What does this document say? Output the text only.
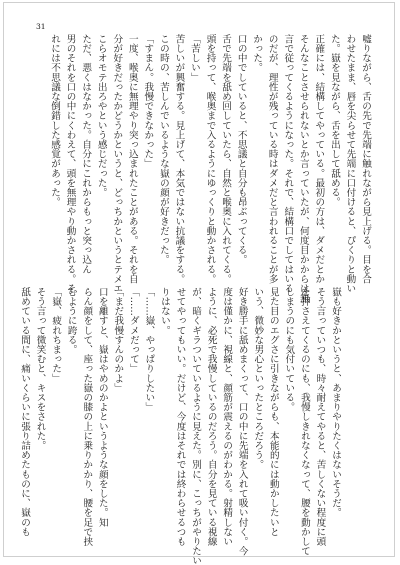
31
嘘りながら、舌の先で先端に触れながら見上げる。目を合
わせたまま、唇を尖らせて先端に口付けると、ぴくりと動い
た。嶽を見ながら、舌を出して舐める。
正確には、結構してやっている。最初の方は、ダメだとか
そんなことさせられないとか言っていたが、何度目かからは無
言で従ってくるようになった。それで、結構口でしてはいる
のだが、理性が残っている時はダメだと言われることが多
かった。
口の中でしていると、不思議と自分も昂ぶってくる。
舌で先端を舐め回していたら、自然と喉奥に入れてくる。
頭を持って、喉奥まで入るようにゆっくりと動かされる。
「苦しい」
苦しいが興奮する。見上げて、本気ではない抗議をする。
この時の、苦しんでいるような嶽の顔が好きだった。
「すまん。我慢できなかった」
一度、喉奥に無理やり突っ込まれたことがある。それを自
分が好きだったかどうかというと、どっちかというとテメエ
こらオモテ出ろやという感じだった。
ただ、悪くはなかった。自分にこれからもっと突っ込ん
男のそれを口の中にくわえて、頭を無理やり動かされる。そ
れには不思議な倒錯した感覚があった。
嶽も好きかというと、あまりやりたくはないそうだ。
そう言っていつも、時々耐えてやると、苦しくない程度に頭
を押さえてくるのにも、我慢しきれなくなって、腰を動かして
しまうのにも気付いている。
見た目のエグさに引きながらも、本能的には動かしたいと
いう、微妙な男心といったところだろう。
好き勝手に舐めまくって、口の中に先端を入れて吸い付く。今
度は僅かに、視線と、顔筋が震えるのがわかる。射精しない
ように、必死で我慢しているのだろう。自分を見ている視線
が、暗くギラついているように見えた。別に、こっちがやりたい
せてやってもいい。だけど、今度はそれでは終わらせるつも
りはない。
「……嶽、やっぱりしたい」
「……ダメだって」
「まだ我慢すんのかよ」
口を離すと、嶽はやめのかよというような顔をした。知
らん顔をして、座った嶽の膝の上に乗りかかり、腰を足で挟
むように跨る。
「嶽、疲れちまった」
そう言って微笑むと、キスをされた。
舐めている間に、痛いくらいに張り詰めたものに、嶽のも
